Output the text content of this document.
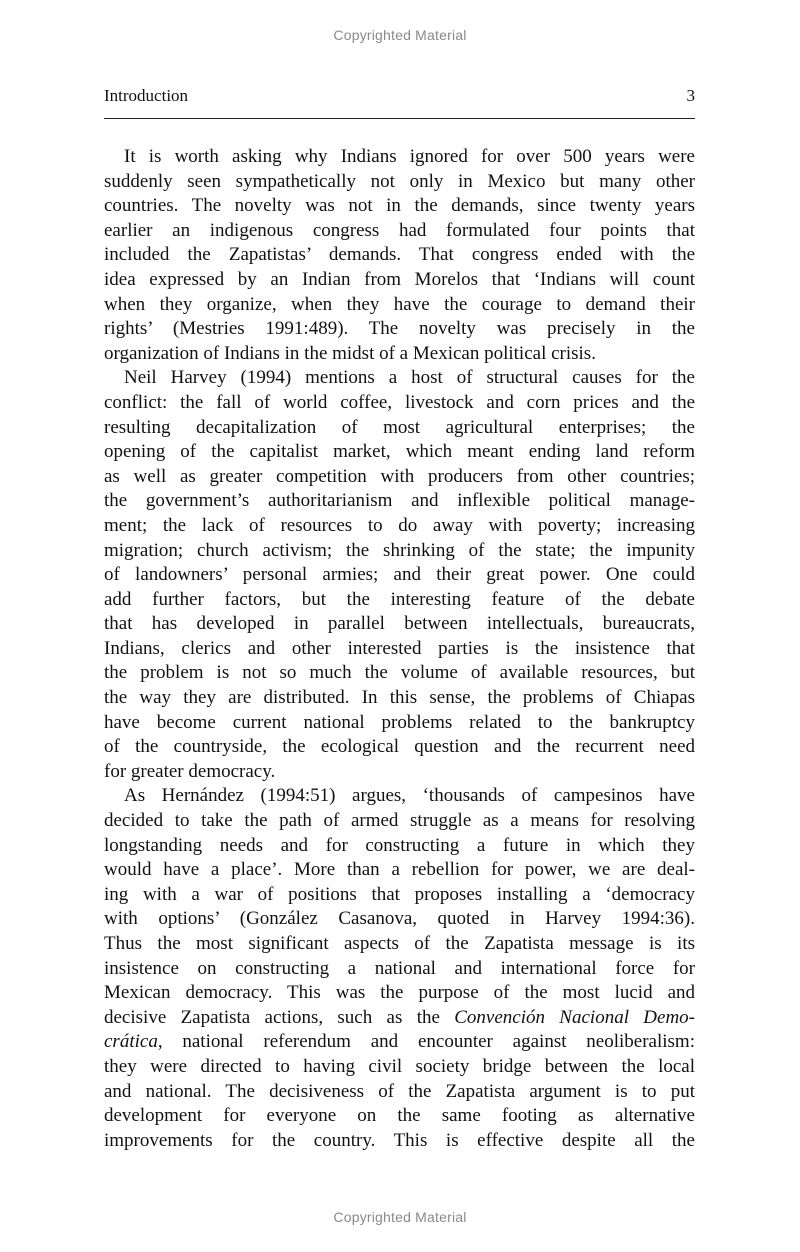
Copyrighted Material
Introduction	3
It is worth asking why Indians ignored for over 500 years were
suddenly seen sympathetically not only in Mexico but many other
countries. The novelty was not in the demands, since twenty years
earlier an indigenous congress had formulated four points that
included the Zapatistas’ demands. That congress ended with the
idea expressed by an Indian from Morelos that ‘Indians will count
when they organize, when they have the courage to demand their
rights’ (Mestries 1991:489). The novelty was precisely in the
organization of Indians in the midst of a Mexican political crisis.
Neil Harvey (1994) mentions a host of structural causes for the
conflict: the fall of world coffee, livestock and corn prices and the
resulting decapitalization of most agricultural enterprises; the
opening of the capitalist market, which meant ending land reform
as well as greater competition with producers from other countries;
the government’s authoritarianism and inflexible political manage-
ment; the lack of resources to do away with poverty; increasing
migration; church activism; the shrinking of the state; the impunity
of landowners’ personal armies; and their great power. One could
add further factors, but the interesting feature of the debate
that has developed in parallel between intellectuals, bureaucrats,
Indians, clerics and other interested parties is the insistence that
the problem is not so much the volume of available resources, but
the way they are distributed. In this sense, the problems of Chiapas
have become current national problems related to the bankruptcy
of the countryside, the ecological question and the recurrent need
for greater democracy.
As Hernández (1994:51) argues, ‘thousands of campesinos have
decided to take the path of armed struggle as a means for resolving
longstanding needs and for constructing a future in which they
would have a place’. More than a rebellion for power, we are deal-
ing with a war of positions that proposes installing a ‘democracy
with options’ (González Casanova, quoted in Harvey 1994:36).
Thus the most significant aspects of the Zapatista message is its
insistence on constructing a national and international force for
Mexican democracy. This was the purpose of the most lucid and
decisive Zapatista actions, such as the Convención Nacional Demo-
crática, national referendum and encounter against neoliberalism:
they were directed to having civil society bridge between the local
and national. The decisiveness of the Zapatista argument is to put
development for everyone on the same footing as alternative
improvements for the country. This is effective despite all the
Copyrighted Material
